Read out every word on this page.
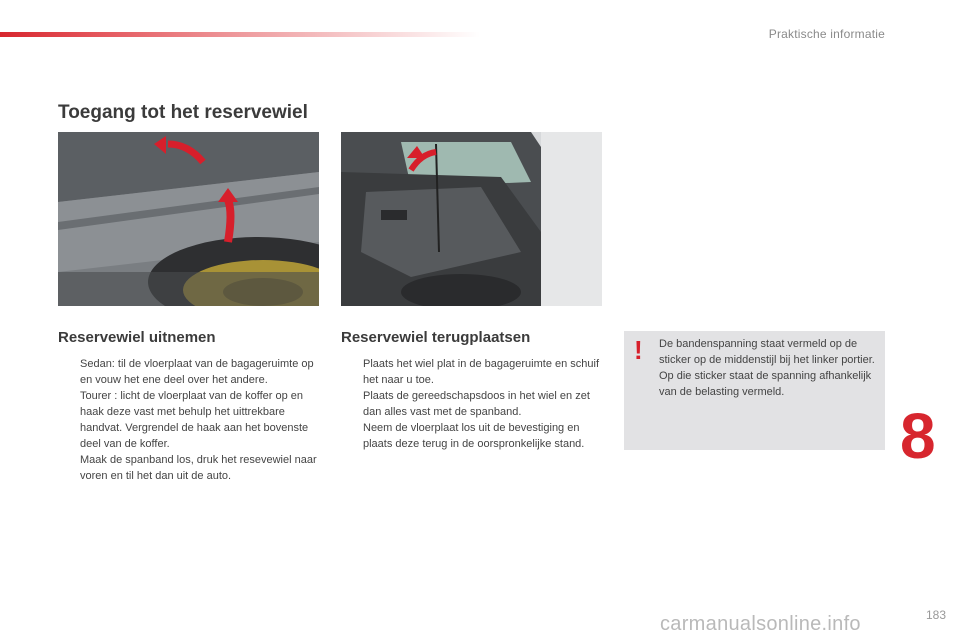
Praktische informatie
Toegang tot het reservewiel
Reservewiel uitnemen
Sedan: til de vloerplaat van de bagageruimte op en vouw het ene deel over het andere.
Tourer : licht de vloerplaat van de koffer op en haak deze vast met behulp het uittrekbare handvat. Vergrendel de haak aan het bovenste deel van de koffer.
Maak de spanband los, druk het resevewiel naar voren en til het dan uit de auto.
Reservewiel terugplaatsen
Plaats het wiel plat in de bagageruimte en schuif het naar u toe.
Plaats de gereedschapsdoos in het wiel en zet dan alles vast met de spanband.
Neem de vloerplaat los uit de bevestiging en plaats deze terug in de oorspronkelijke stand.
! De bandenspanning staat vermeld op de sticker op de middenstijl bij het linker portier. Op die sticker staat de spanning afhankelijk van de belasting vermeld.
8
carmanualsonline.info	183
